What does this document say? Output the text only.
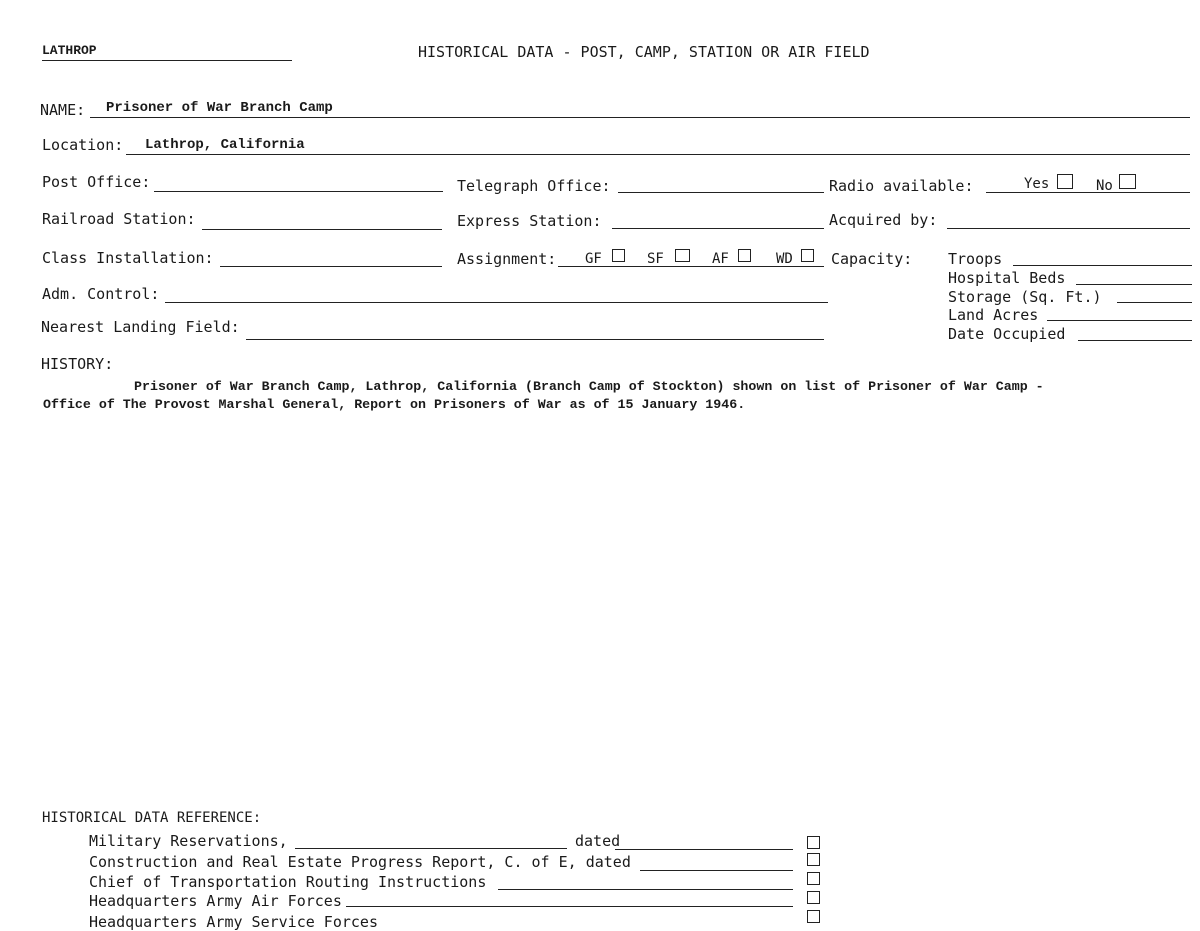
LATHROP	HISTORICAL DATA - POST, CAMP, STATION OR AIR FIELD
NAME: Prisoner of War Branch Camp
Location: Lathrop, California
Post Office:	Telegraph Office:	Radio available:	Yes	No
Railroad Station:	Express Station:	Acquired by:
Class Installation:	Assignment: GF	SF	AF	WD	Capacity: Troops
Hospital Beds
Storage (Sq. Ft.)
Land Acres
Date Occupied
Adm. Control:
Nearest Landing Field:
HISTORY:
Prisoner of War Branch Camp, Lathrop, California (Branch Camp of Stockton) shown on list of Prisoner of War Camp -
Office of The Provost Marshal General, Report on Prisoners of War as of 15 January 1946.
HISTORICAL DATA REFERENCE:
Military Reservations,	dated
Construction and Real Estate Progress Report, C. of E, dated
Chief of Transportation Routing Instructions
Headquarters Army Air Forces
Headquarters Army Service Forces
